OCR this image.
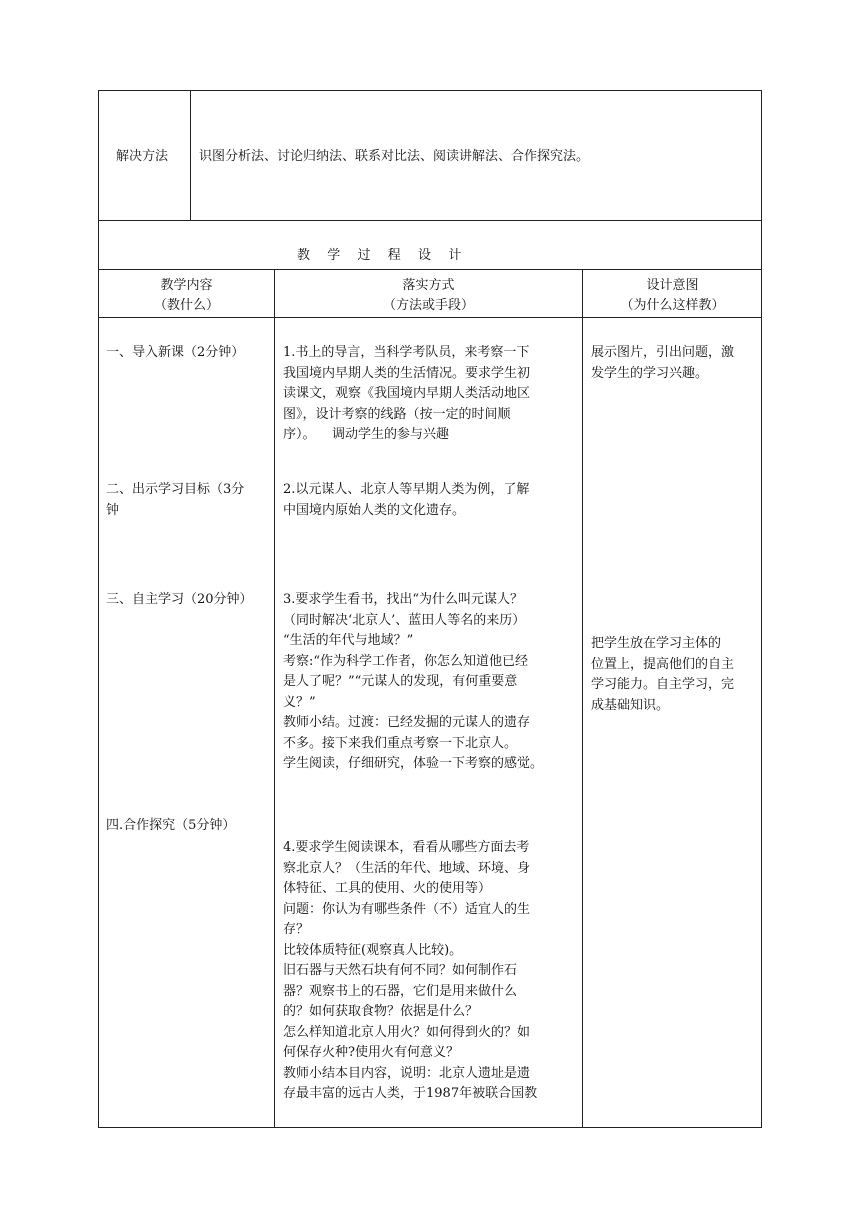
解决方法 识图分析法、讨论归纳法、联系对比法、阅读讲解法、合作探究法。
教  学  过  程  设  计
教学内容
（教什么）
落实方式
（方法或手段）
设计意图
（为什么这样教）
一、导入新课（2分钟）
二、出示学习目标（3分
钟
三、自主学习（20分钟）
四.合作探究（5分钟）
1.书上的导言，当科学考队员，来考察一下
我国境内早期人类的生活情况。要求学生初
读课文，观察《我国境内早期人类活动地区
图》，设计考察的线路（按一定的时间顺
序）。    调动学生的参与兴趣
2.以元谋人、北京人等早期人类为例，了解
中国境内原始人类的文化遗存。
3.要求学生看书，找出“为什么叫元谋人？
（同时解决‘北京人’、蓝田人等名的来历）
“生活的年代与地域？”
考察:“作为科学工作者，你怎么知道他已经
是人了呢？”“元谋人的发现，有何重要意
义？”
教师小结。过渡：已经发掘的元谋人的遗存
不多。接下来我们重点考察一下北京人。
学生阅读，仔细研究，体验一下考察的感觉。
4.要求学生阅读课本，看看从哪些方面去考
察北京人？（生活的年代、地域、环境、身
体特征、工具的使用、火的使用等）
问题：你认为有哪些条件（不）适宜人的生
存？
比较体质特征(观察真人比较)。
旧石器与天然石块有何不同？如何制作石
器？观察书上的石器，它们是用来做什么
的？如何获取食物？依据是什么？
怎么样知道北京人用火？如何得到火的？如
何保存火种?使用火有何意义？
教师小结本目内容，说明：北京人遗址是遗
存最丰富的远古人类，于1987年被联合国教
展示图片，引出问题，激
发学生的学习兴趣。
把学生放在学习主体的
位置上，提高他们的自主
学习能力。自主学习，完
成基础知识。
